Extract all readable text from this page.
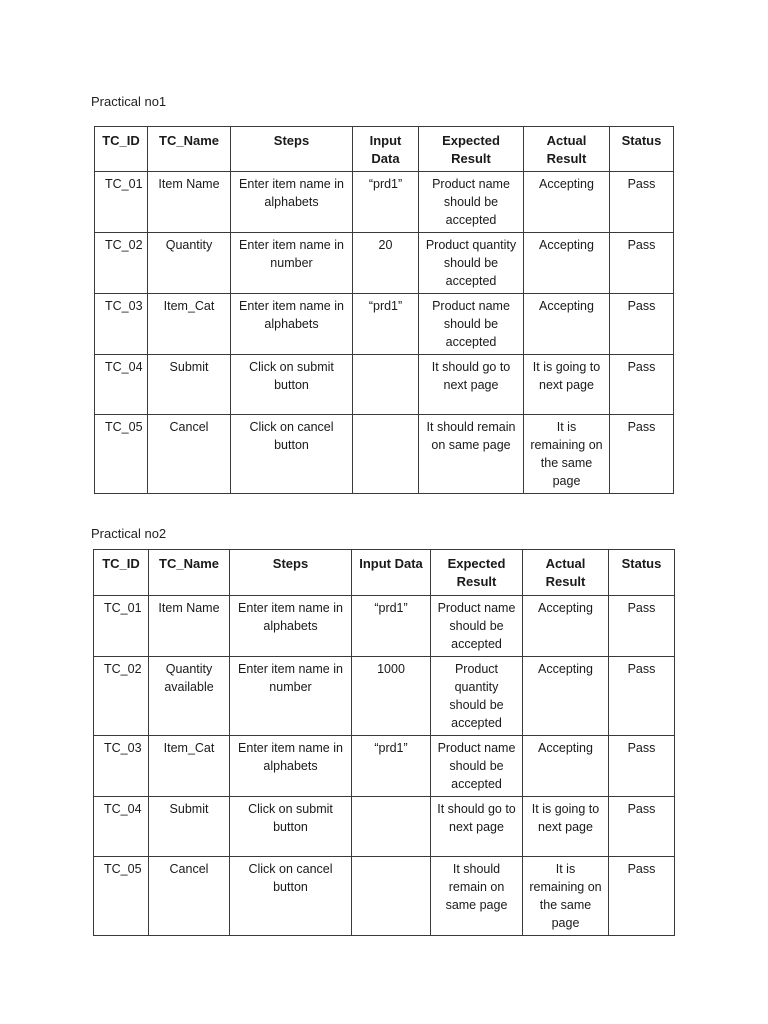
Practical no1
TC_ID	TC_Name	Steps	Input Data	Expected Result	Actual Result	Status
TC_01	Item Name	Enter item name in alphabets	“prd1”	Product name should be accepted	Accepting	Pass
TC_02	Quantity	Enter item name in number	20	Product quantity should be accepted	Accepting	Pass
TC_03	Item_Cat	Enter item name in alphabets	“prd1”	Product name should be accepted	Accepting	Pass
TC_04	Submit	Click on submit button		It should go to next page	It is going to next page	Pass
TC_05	Cancel	Click on cancel button		It should remain on same page	It is remaining on the same page	Pass
Practical no2
TC_ID	TC_Name	Steps	Input Data	Expected Result	Actual Result	Status
TC_01	Item Name	Enter item name in alphabets	“prd1”	Product name should be accepted	Accepting	Pass
TC_02	Quantity available	Enter item name in number	1000	Product quantity should be accepted	Accepting	Pass
TC_03	Item_Cat	Enter item name in alphabets	“prd1”	Product name should be accepted	Accepting	Pass
TC_04	Submit	Click on submit button		It should go to next page	It is going to next page	Pass
TC_05	Cancel	Click on cancel button		It should remain on same page	It is remaining on the same page	Pass
